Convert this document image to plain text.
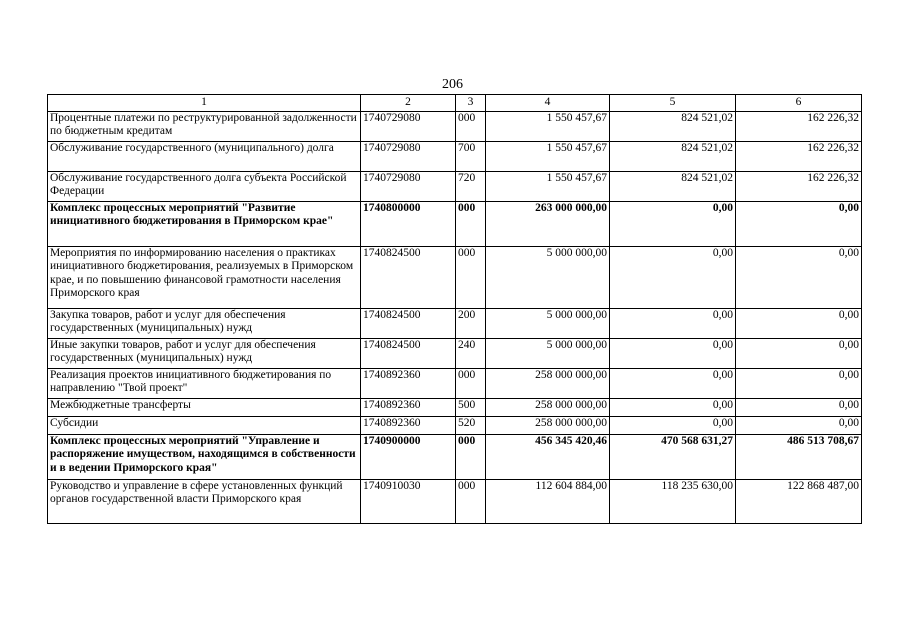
206
1	2	3	4	5	6
Процентные платежи по реструктурированной задолженности по бюджетным кредитам	1740729080	000	1 550 457,67	824 521,02	162 226,32
Обслуживание государственного (муниципального) долга	1740729080	700	1 550 457,67	824 521,02	162 226,32
Обслуживание государственного долга субъекта Российской Федерации	1740729080	720	1 550 457,67	824 521,02	162 226,32
Комплекс процессных мероприятий "Развитие инициативного бюджетирования в Приморском крае"	1740800000	000	263 000 000,00	0,00	0,00
Мероприятия по информированию населения о практиках инициативного бюджетирования, реализуемых в Приморском крае, и по повышению финансовой грамотности населения Приморского края	1740824500	000	5 000 000,00	0,00	0,00
Закупка товаров, работ и услуг для обеспечения государственных (муниципальных) нужд	1740824500	200	5 000 000,00	0,00	0,00
Иные закупки товаров, работ и услуг для обеспечения государственных (муниципальных) нужд	1740824500	240	5 000 000,00	0,00	0,00
Реализация проектов инициативного бюджетирования по направлению "Твой проект"	1740892360	000	258 000 000,00	0,00	0,00
Межбюджетные трансферты	1740892360	500	258 000 000,00	0,00	0,00
Субсидии	1740892360	520	258 000 000,00	0,00	0,00
Комплекс процессных мероприятий "Управление и распоряжение имуществом, находящимся в собственности и в ведении Приморского края"	1740900000	000	456 345 420,46	470 568 631,27	486 513 708,67
Руководство и управление в сфере установленных функций органов государственной власти Приморского края	1740910030	000	112 604 884,00	118 235 630,00	122 868 487,00
